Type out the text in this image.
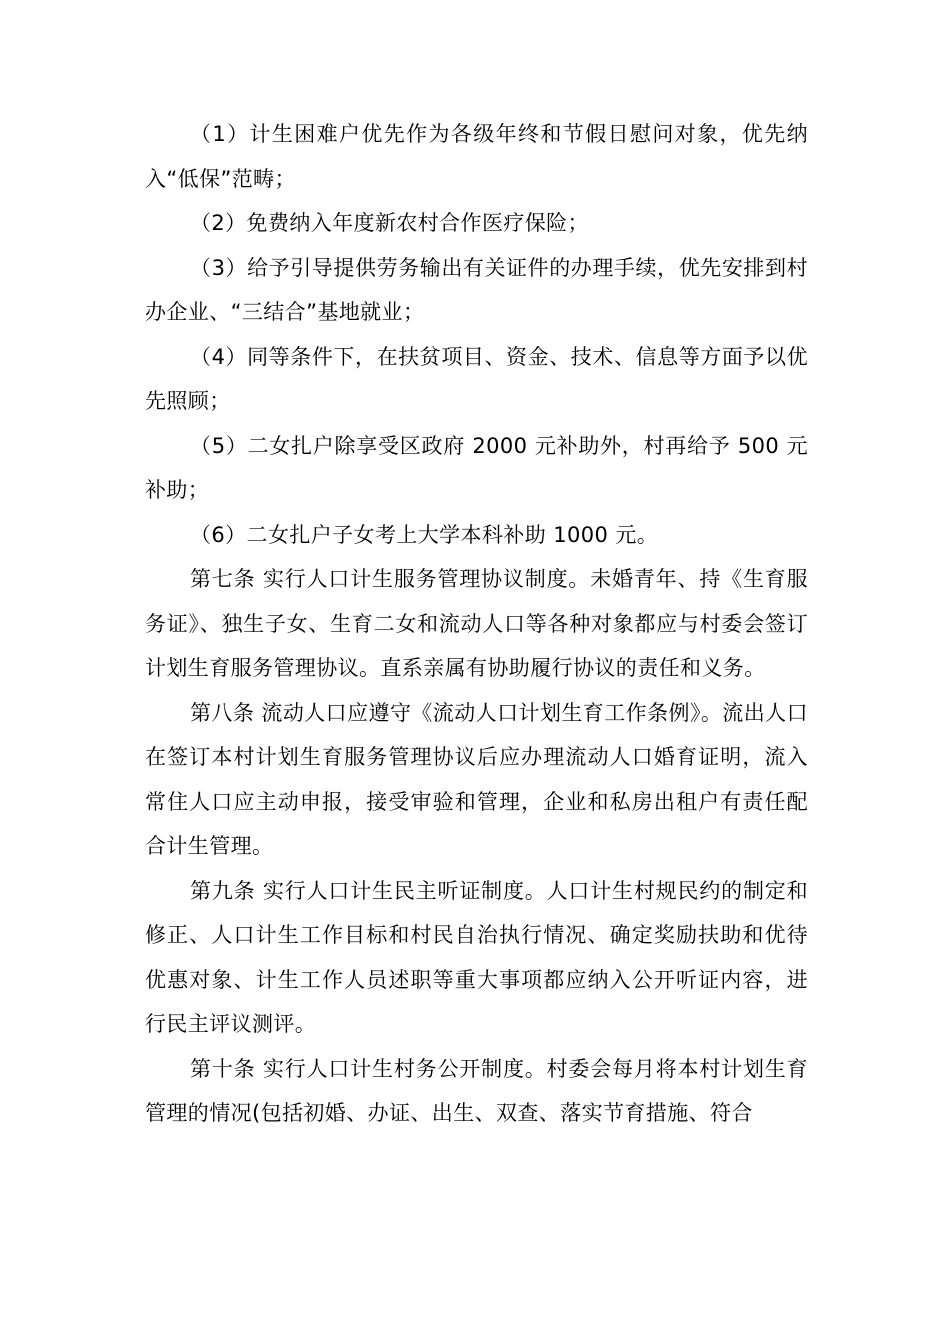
（1）计生困难户优先作为各级年终和节假日慰问对象，优先纳入“低保”范畴；

（2）免费纳入年度新农村合作医疗保险；

（3）给予引导提供劳务输出有关证件的办理手续，优先安排到村办企业、“三结合”基地就业；

（4）同等条件下，在扶贫项目、资金、技术、信息等方面予以优先照顾；

（5）二女扎户除享受区政府 2000 元补助外，村再给予 500 元补助；

（6）二女扎户子女考上大学本科补助 1000 元。

第七条 实行人口计生服务管理协议制度。未婚青年、持《生育服务证》、独生子女、生育二女和流动人口等各种对象都应与村委会签订计划生育服务管理协议。直系亲属有协助履行协议的责任和义务。

第八条 流动人口应遵守《流动人口计划生育工作条例》。流出人口在签订本村计划生育服务管理协议后应办理流动人口婚育证明，流入常住人口应主动申报，接受审验和管理，企业和私房出租户有责任配合计生管理。

第九条 实行人口计生民主听证制度。人口计生村规民约的制定和修正、人口计生工作目标和村民自治执行情况、确定奖励扶助和优待优惠对象、计生工作人员述职等重大事项都应纳入公开听证内容，进行民主评议测评。

第十条 实行人口计生村务公开制度。村委会每月将本村计划生育管理的情况(包括初婚、办证、出生、双查、落实节育措施、符合
